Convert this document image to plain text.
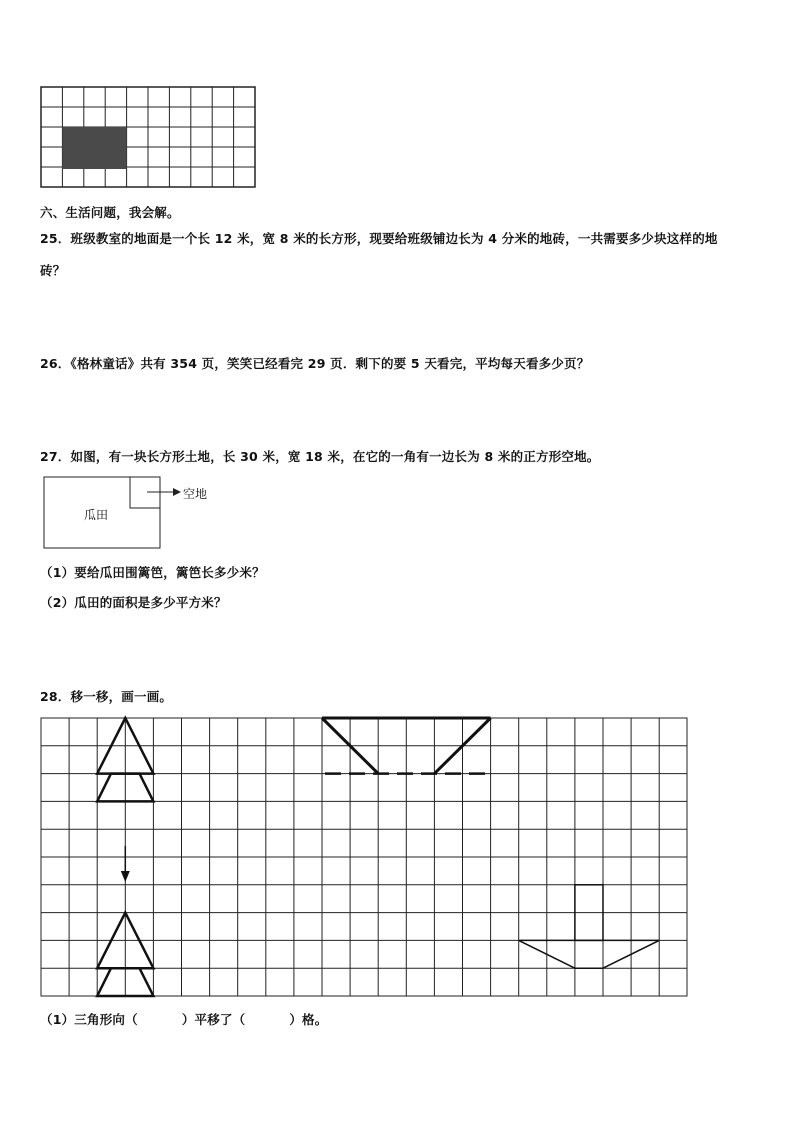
六、生活问题，我会解。
25．班级教室的地面是一个长 12 米，宽 8 米的长方形，现要给班级铺边长为 4 分米的地砖，一共需要多少块这样的地
砖？
26．《格林童话》共有 354 页，笑笑已经看完 29 页．剩下的要 5 天看完，平均每天看多少页？
27．如图，有一块长方形土地，长 30 米，宽 18 米，在它的一角有一边长为 8 米的正方形空地。
瓜田
空地
（1）要给瓜田围篱笆，篱笆长多少米？
（2）瓜田的面积是多少平方米？
28．移一移，画一画。
（1）三角形向（	）平移了（	）格。
